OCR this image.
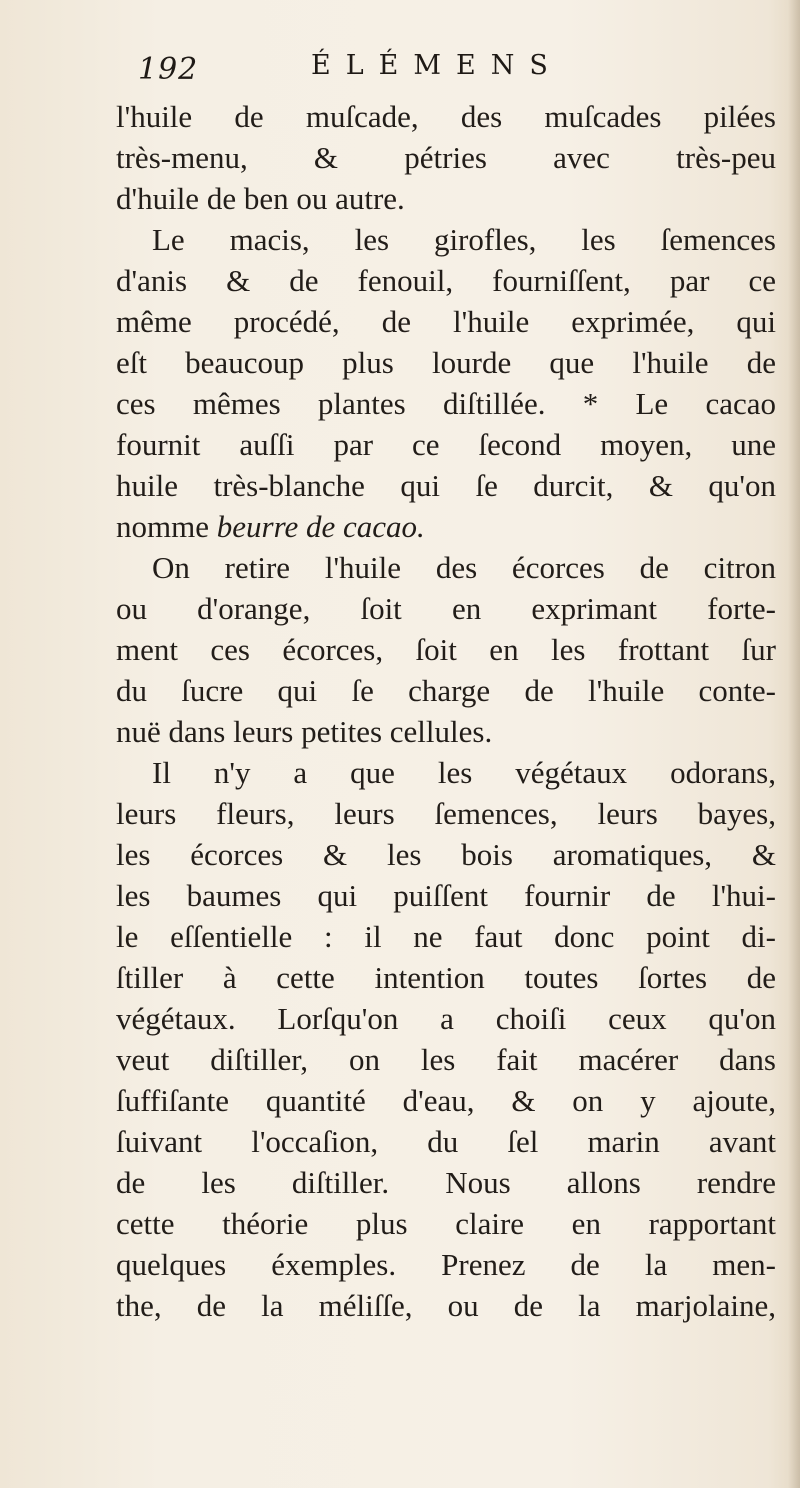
192	ÉLÉMENS
l'huile de muſcade, des muſcades pilées
très-menu, & pétries avec très-peu
d'huile de ben ou autre.
Le macis, les girofles, les ſemences
d'anis & de fenouil, fourniſſent, par ce
même procédé, de l'huile exprimée, qui
eſt beaucoup plus lourde que l'huile de
ces mêmes plantes diſtillée. * Le cacao
fournit auſſi par ce ſecond moyen, une
huile très-blanche qui ſe durcit, & qu'on
nomme beurre de cacao.
On retire l'huile des écorces de citron
ou d'orange, ſoit en exprimant forte-
ment ces écorces, ſoit en les frottant ſur
du ſucre qui ſe charge de l'huile conte-
nuë dans leurs petites cellules.
Il n'y a que les végétaux odorans,
leurs fleurs, leurs ſemences, leurs bayes,
les écorces & les bois aromatiques, &
les baumes qui puiſſent fournir de l'hui-
le eſſentielle : il ne faut donc point di-
ſtiller à cette intention toutes ſortes de
végétaux. Lorſqu'on a choiſi ceux qu'on
veut diſtiller, on les fait macérer dans
ſuffiſante quantité d'eau, & on y ajoute,
ſuivant l'occaſion, du ſel marin avant
de les diſtiller. Nous allons rendre
cette théorie plus claire en rapportant
quelques éxemples. Prenez de la men-
the, de la méliſſe, ou de la marjolaine,
